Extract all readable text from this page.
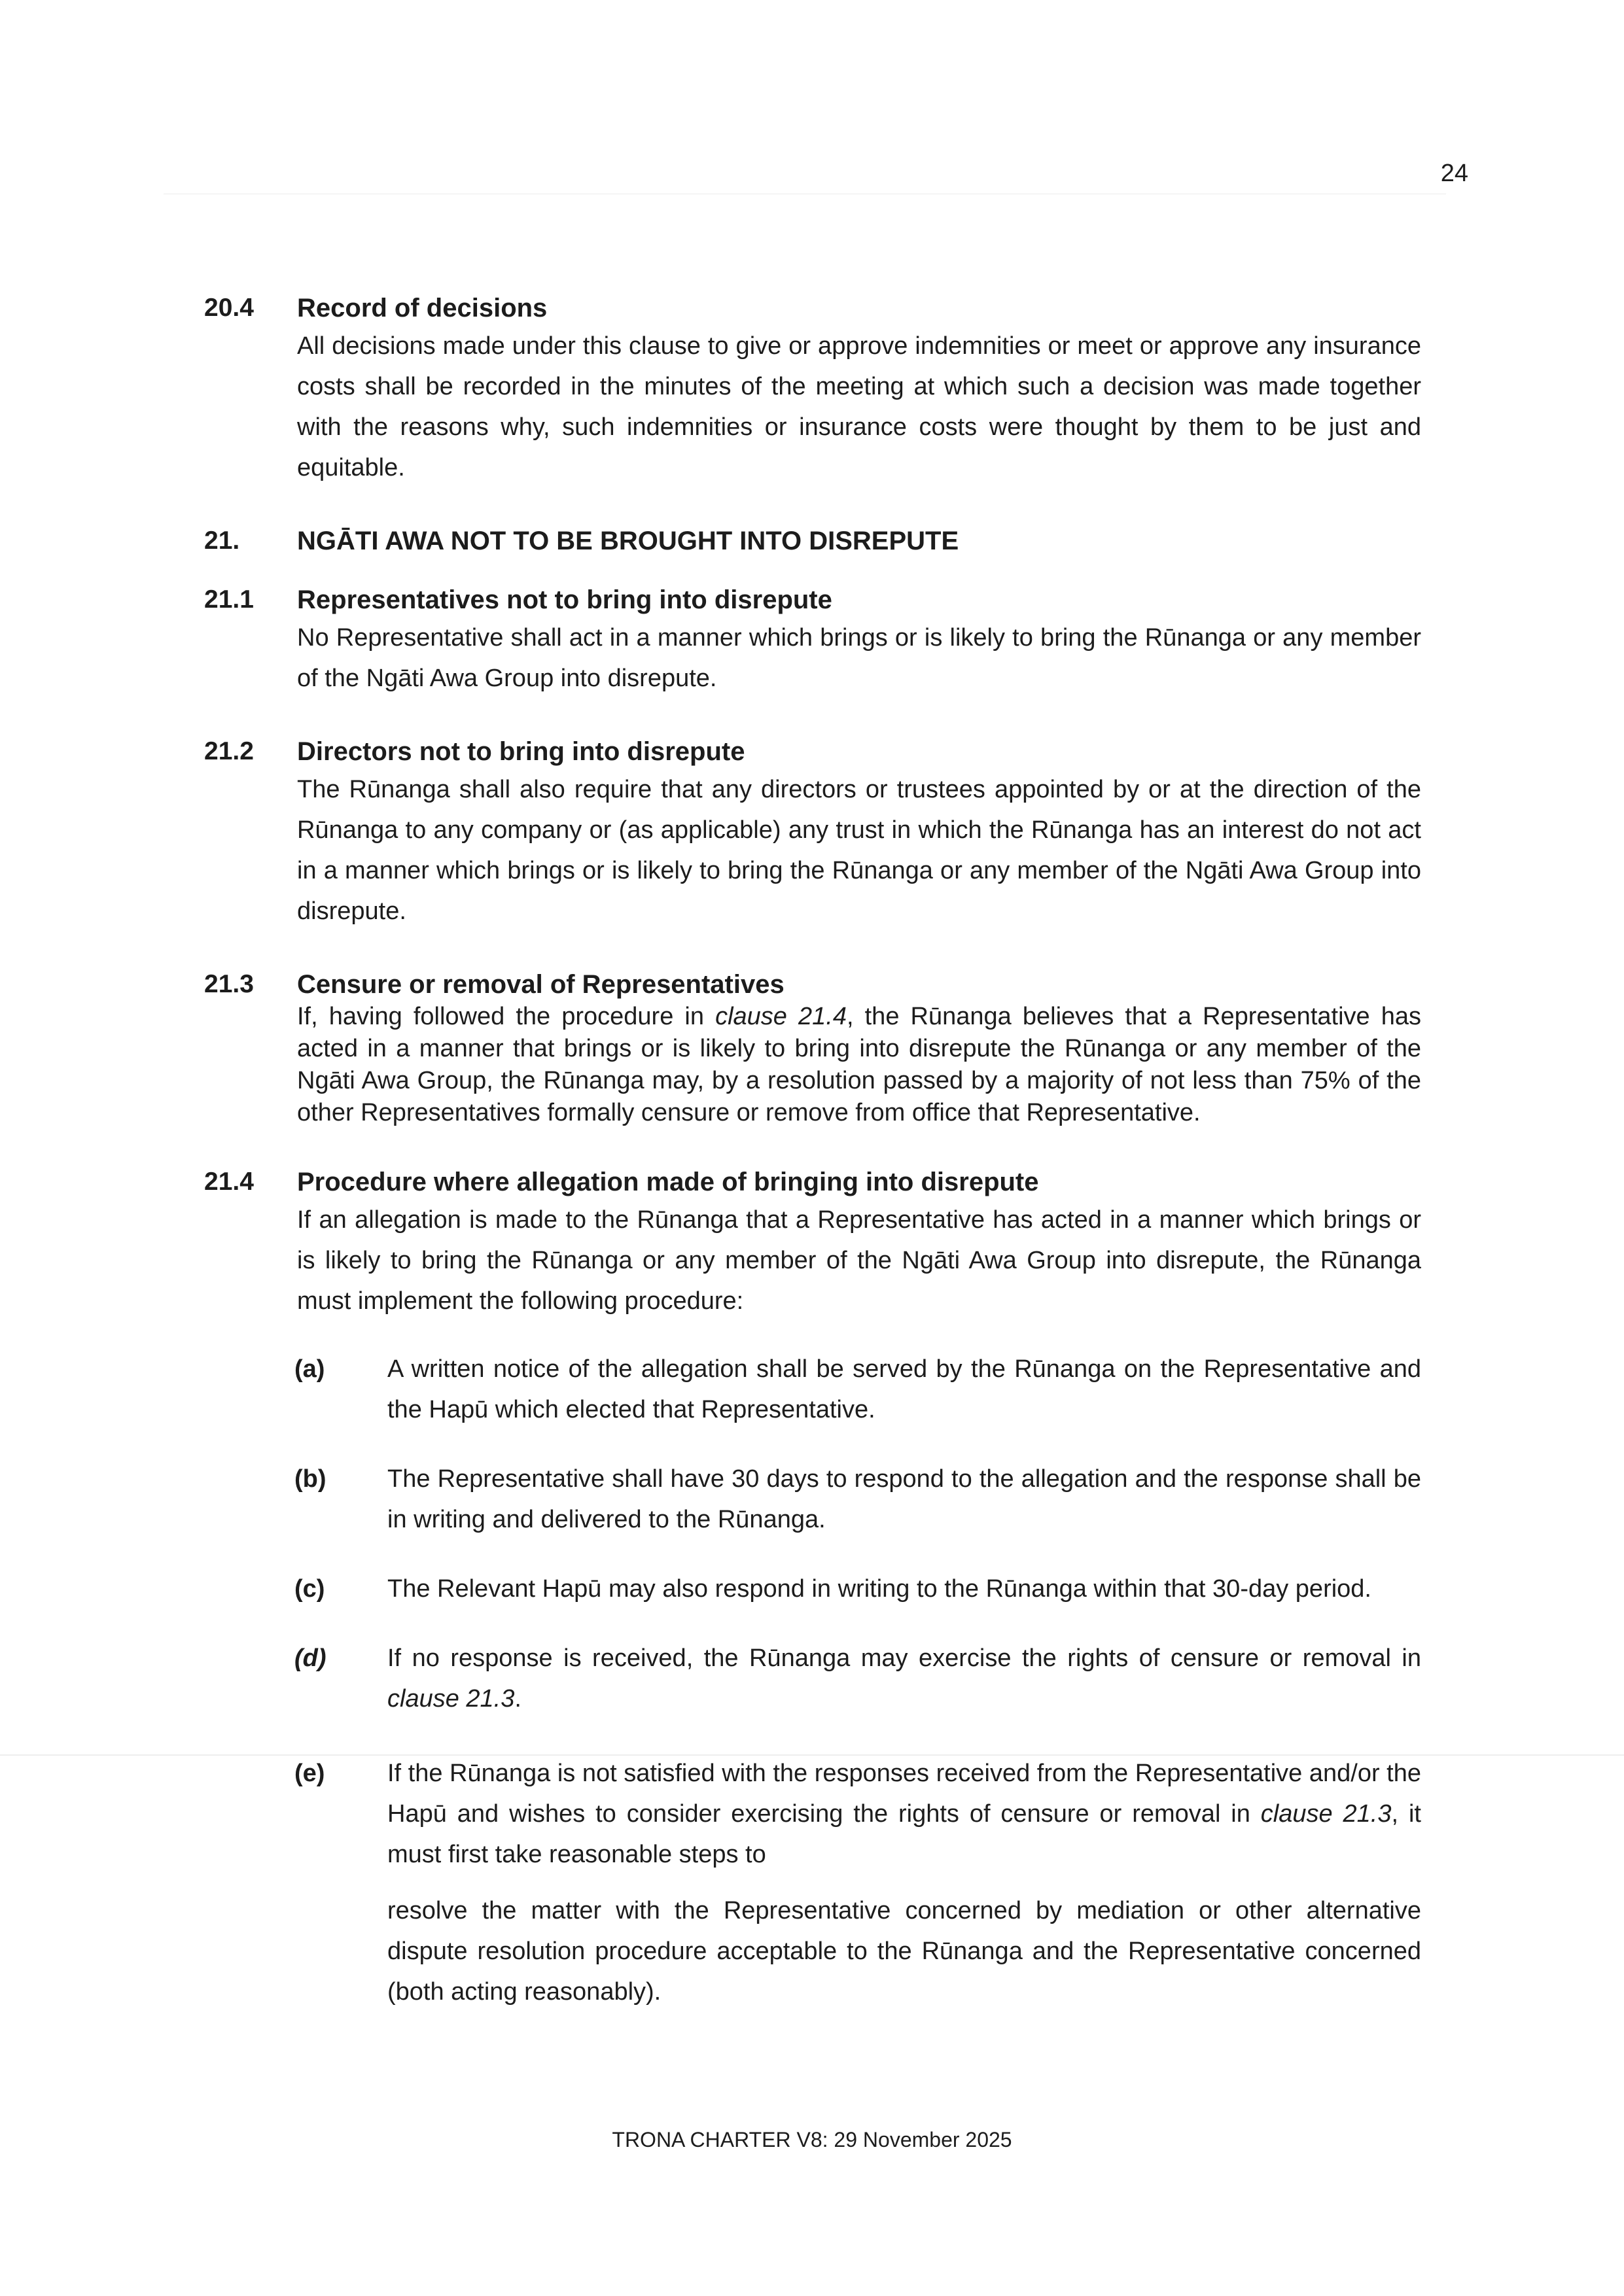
24
20.4 Record of decisions

All decisions made under this clause to give or approve indemnities or meet or approve any insurance costs shall be recorded in the minutes of the meeting at which such a decision was made together with the reasons why, such indemnities or insurance costs were thought by them to be just and equitable.

21. NGĀTI AWA NOT TO BE BROUGHT INTO DISREPUTE
21.1 Representatives not to bring into disrepute

No Representative shall act in a manner which brings or is likely to bring the Rūnanga or any member of the Ngāti Awa Group into disrepute.

21.2 Directors not to bring into disrepute

The Rūnanga shall also require that any directors or trustees appointed by or at the direction of the Rūnanga to any company or (as applicable) any trust in which the Rūnanga has an interest do not act in a manner which brings or is likely to bring the Rūnanga or any member of the Ngāti Awa Group into disrepute.

21.3 Censure or removal of Representatives

If, having followed the procedure in clause 21.4, the Rūnanga believes that a Representative has acted in a manner that brings or is likely to bring into disrepute the Rūnanga or any member of the Ngāti Awa Group, the Rūnanga may, by a resolution passed by a majority of not less than 75% of the other Representatives formally censure or remove from office that Representative.

21.4 Procedure where allegation made of bringing into disrepute

If an allegation is made to the Rūnanga that a Representative has acted in a manner which brings or is likely to bring the Rūnanga or any member of the Ngāti Awa Group into disrepute, the Rūnanga must implement the following procedure:

(a)	A written notice of the allegation shall be served by the Rūnanga on the Representative and the Hapū which elected that Representative.
(b) The Representative shall have 30 days to respond to the allegation and the response shall be in writing and delivered to the Rūnanga.
(c)	The Relevant Hapū may also respond in writing to the Rūnanga within that 30-day period.
(d) If no response is received, the Rūnanga may exercise the rights of censure or removal in clause 21.3.
(e)	If the Rūnanga is not satisfied with the responses received from the Representative and/or the Hapū and wishes to consider exercising the rights of censure or removal in clause 21.3, it must first take reasonable steps to
resolve the matter with the Representative concerned by mediation or other alternative dispute resolution procedure acceptable to the Rūnanga and the Representative concerned (both acting reasonably).
TRONA CHARTER V8: 29 November 2025
